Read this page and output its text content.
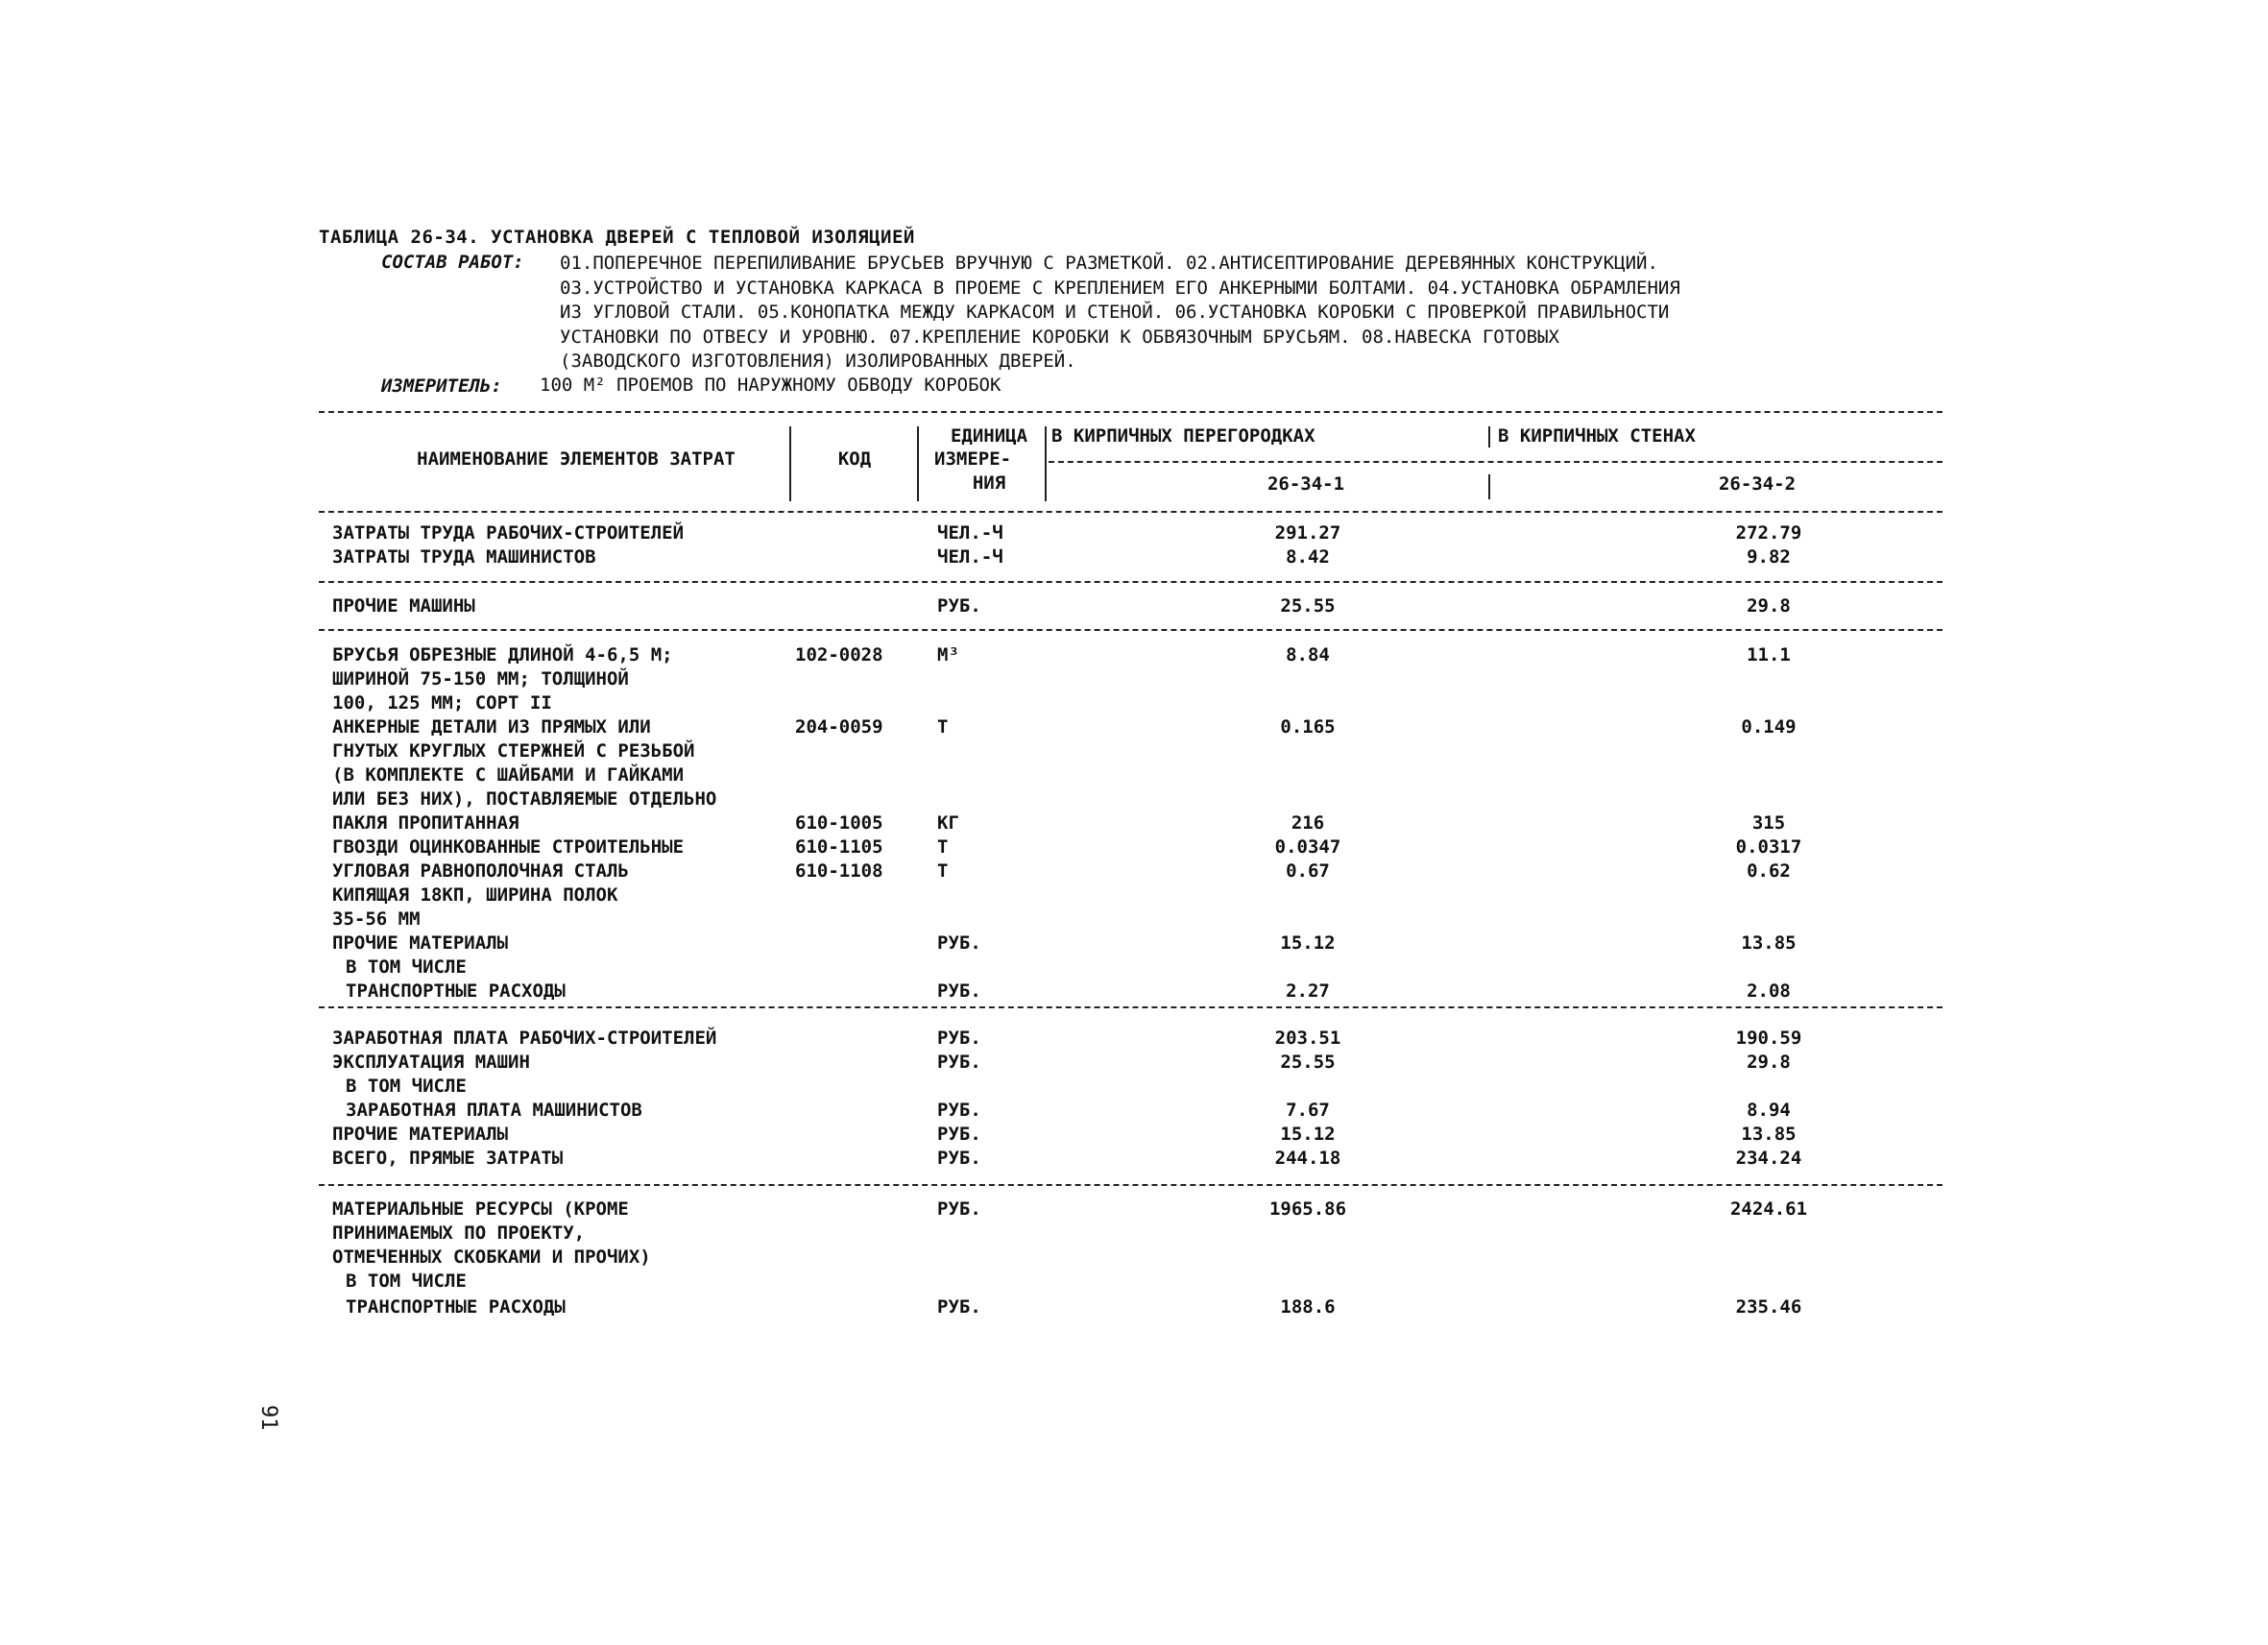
ТАБЛИЦА 26-34. УСТАНОВКА ДВЕРЕЙ С ТЕПЛОВОЙ ИЗОЛЯЦИЕЙ
СОСТАВ РАБОТ: 01.ПОПЕРЕЧНОЕ ПЕРЕПИЛИВАНИЕ БРУСЬЕВ ВРУЧНУЮ С РАЗМЕТКОЙ. 02.АНТИСЕПТИРОВАНИЕ ДЕРЕВЯННЫХ КОНСТРУКЦИЙ.
03.УСТРОЙСТВО И УСТАНОВКА КАРКАСА В ПРОЕМЕ С КРЕПЛЕНИЕМ ЕГО АНКЕРНЫМИ БОЛТАМИ. 04.УСТАНОВКА ОБРАМЛЕНИЯ
ИЗ УГЛОВОЙ СТАЛИ. 05.КОНОПАТКА МЕЖДУ КАРКАСОМ И СТЕНОЙ. 06.УСТАНОВКА КОРОБКИ С ПРОВЕРКОЙ ПРАВИЛЬНОСТИ
УСТАНОВКИ ПО ОТВЕСУ И УРОВНЮ. 07.КРЕПЛЕНИЕ КОРОБКИ К ОБВЯЗОЧНЫМ БРУСЬЯМ. 08.НАВЕСКА ГОТОВЫХ
(ЗАВОДСКОГО ИЗГОТОВЛЕНИЯ) ИЗОЛИРОВАННЫХ ДВЕРЕЙ.
ИЗМЕРИТЕЛЬ: 100 М² ПРОЕМОВ ПО НАРУЖНОМУ ОБВОДУ КОРОБОК
НАИМЕНОВАНИЕ ЭЛЕМЕНТОВ ЗАТРАТ	КОД
ЕДИНИЦА
ИЗМЕРЕ-
НИЯ
В КИРПИЧНЫХ ПЕРЕГОРОДКАХ	В КИРПИЧНЫХ СТЕНАХ
26-34-1	26-34-2
ЗАТРАТЫ ТРУДА РАБОЧИХ-СТРОИТЕЛЕЙ	ЧЕЛ.-Ч	291.27	272.79
ЗАТРАТЫ ТРУДА МАШИНИСТОВ	ЧЕЛ.-Ч	8.42	9.82
ПРОЧИЕ МАШИНЫ	РУБ.	25.55	29.8
БРУСЬЯ ОБРЕЗНЫЕ ДЛИНОЙ 4-6,5 М;	102-0028	М³	8.84	11.1
ШИРИНОЙ 75-150 ММ; ТОЛЩИНОЙ
100, 125 ММ; СОРТ II
АНКЕРНЫЕ ДЕТАЛИ ИЗ ПРЯМЫХ ИЛИ	204-0059	Т	0.165	0.149
ГНУТЫХ КРУГЛЫХ СТЕРЖНЕЙ С РЕЗЬБОЙ
(В КОМПЛЕКТЕ С ШАЙБАМИ И ГАЙКАМИ
ИЛИ БЕЗ НИХ), ПОСТАВЛЯЕМЫЕ ОТДЕЛЬНО
ПАКЛЯ ПРОПИТАННАЯ	610-1005	КГ	216	315
ГВОЗДИ ОЦИНКОВАННЫЕ СТРОИТЕЛЬНЫЕ	610-1105	Т	0.0347	0.0317
УГЛОВАЯ РАВНОПОЛОЧНАЯ СТАЛЬ	610-1108	Т	0.67	0.62
КИПЯЩАЯ 18КП, ШИРИНА ПОЛОК
35-56 ММ
ПРОЧИЕ МАТЕРИАЛЫ	РУБ.	15.12	13.85
В ТОМ ЧИСЛЕ
ТРАНСПОРТНЫЕ РАСХОДЫ	РУБ.	2.27	2.08
ЗАРАБОТНАЯ ПЛАТА РАБОЧИХ-СТРОИТЕЛЕЙ	РУБ.	203.51	190.59
ЭКСПЛУАТАЦИЯ МАШИН	РУБ.	25.55	29.8
В ТОМ ЧИСЛЕ
ЗАРАБОТНАЯ ПЛАТА МАШИНИСТОВ	РУБ.	7.67	8.94
ПРОЧИЕ МАТЕРИАЛЫ	РУБ.	15.12	13.85
ВСЕГО, ПРЯМЫЕ ЗАТРАТЫ	РУБ.	244.18	234.24
МАТЕРИАЛЬНЫЕ РЕСУРСЫ (КРОМЕ	РУБ.	1965.86	2424.61
ПРИНИМАЕМЫХ ПО ПРОЕКТУ,
ОТМЕЧЕННЫХ СКОБКАМИ И ПРОЧИХ)
В ТОМ ЧИСЛЕ
ТРАНСПОРТНЫЕ РАСХОДЫ	РУБ.	188.6	235.46
91
